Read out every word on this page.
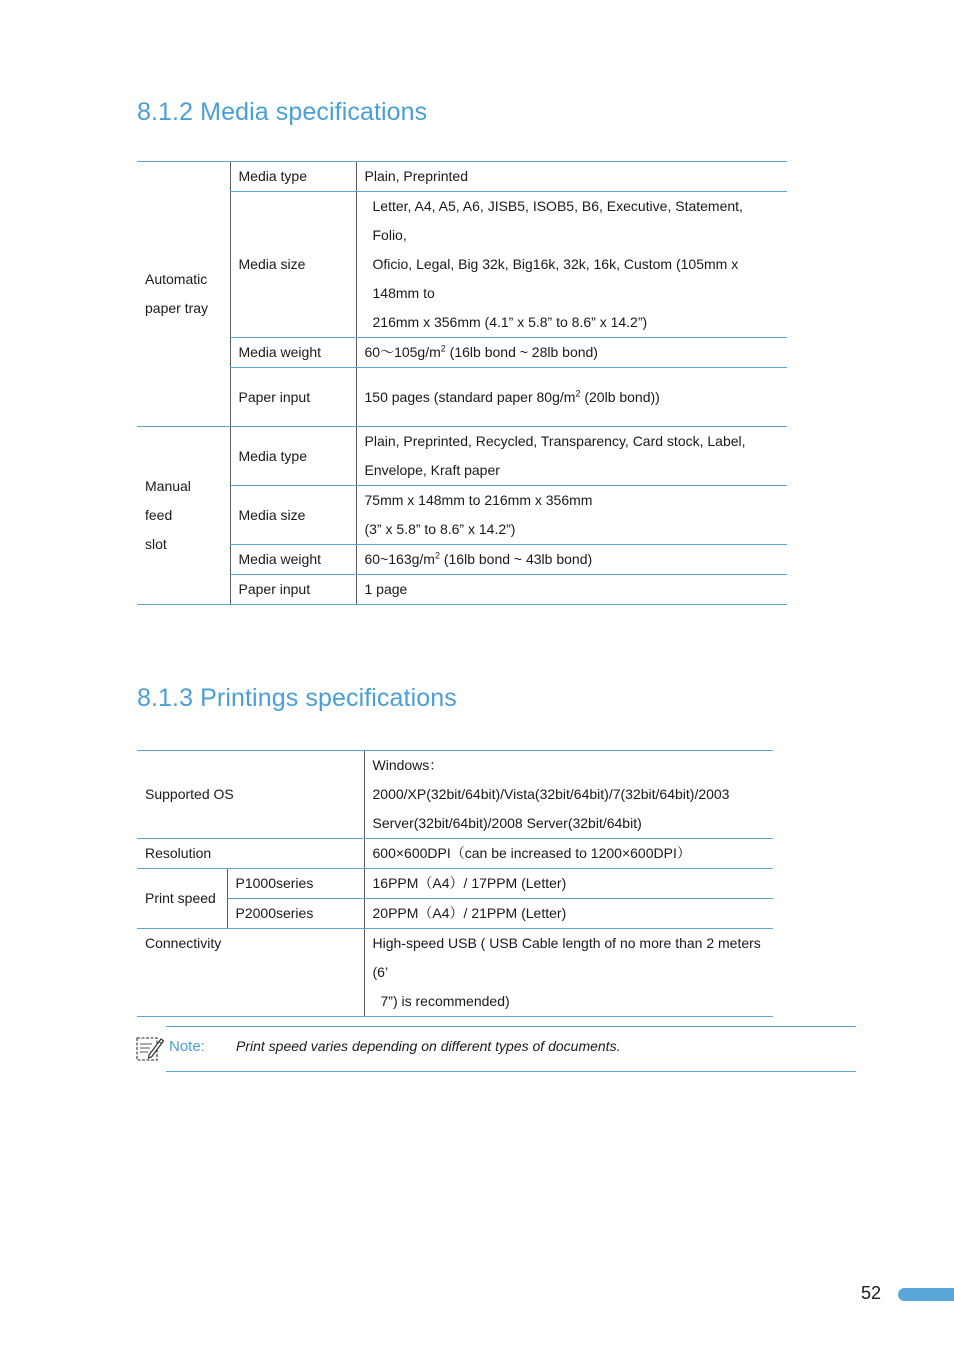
8.1.2 Media specifications
Automatic
paper tray	Media type	Plain, Preprinted
	Media size	Letter, A4, A5, A6, JISB5, ISOB5, B6, Executive, Statement, Folio,
Oficio, Legal, Big 32k, Big16k, 32k, 16k, Custom (105mm x 148mm to
216mm x 356mm (4.1” x 5.8” to 8.6” x 14.2”)
	Media weight	$60\sim 105g/m^2$ (16lb bond ~ 28lb bond)
	Paper input	150 pages (standard paper $80g/m^2$ (20lb bond))
Manual feed
slot	Media type	Plain, Preprinted, Recycled, Transparency, Card stock, Label,
Envelope, Kraft paper
	Media size	75mm x 148mm to 216mm x 356mm
(3” x 5.8” to 8.6” x 14.2”)
	Media weight	$60\sim 163g/m^2$ (16lb bond ~ 43lb bond)
	Paper input	1 page
8.1.3 Printings specifications
Supported OS		Windows：
2000/XP(32bit/64bit)/Vista(32bit/64bit)/7(32bit/64bit)/2003
Server(32bit/64bit)/2008 Server(32bit/64bit)
Resolution		600×600DPI（can be increased to 1200×600DPI）
Print speed	P1000series	16PPM（A4）/ 17PPM (Letter)
	P2000series	20PPM（A4）/ 21PPM (Letter)
Connectivity		High-speed USB ( USB Cable length of no more than 2 meters (6’
7”) is recommended)
Note: Print speed varies depending on different types of documents.
52
